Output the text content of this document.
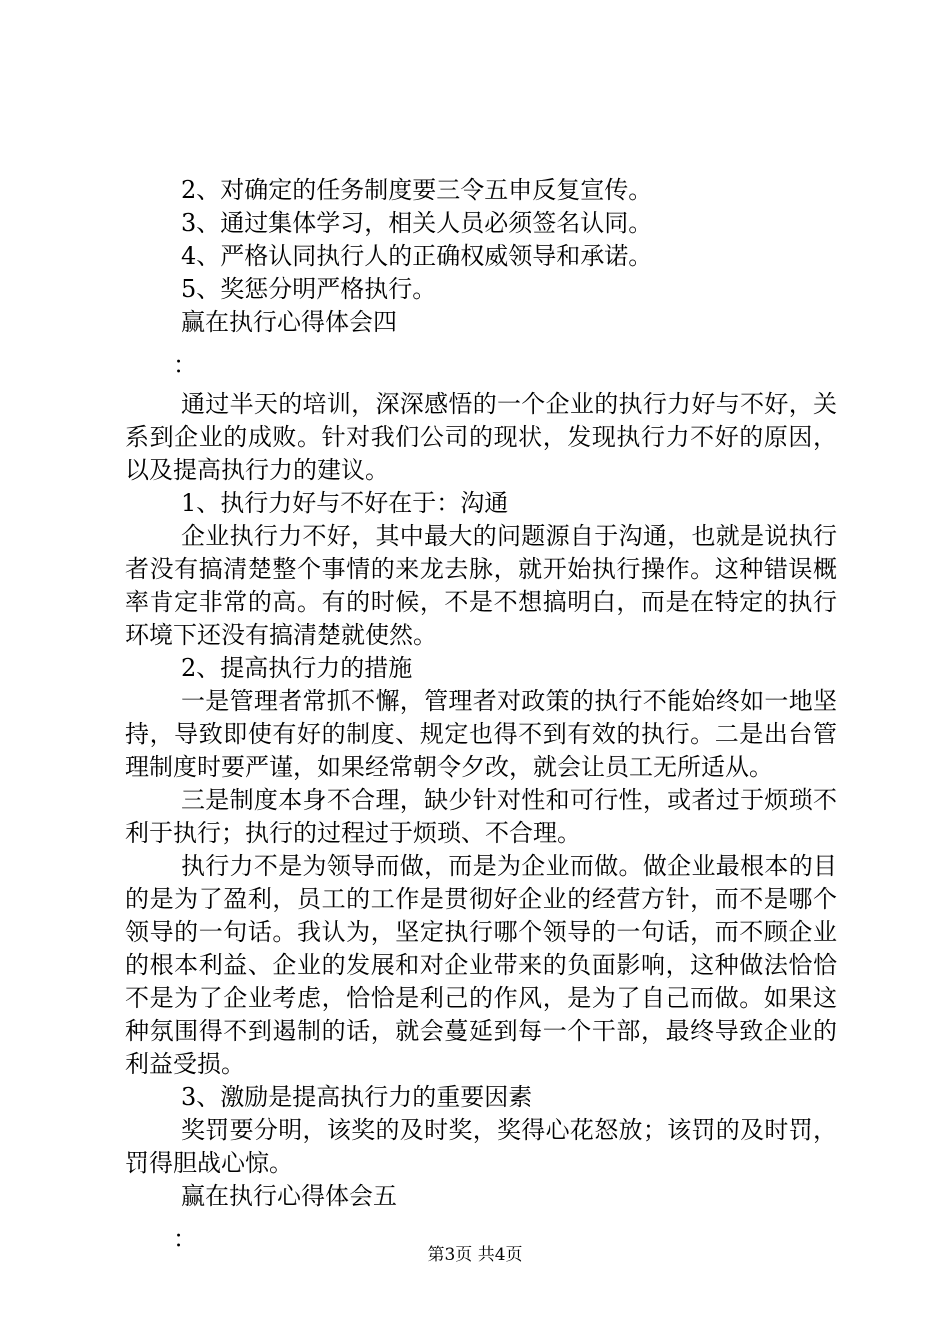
2、对确定的任务制度要三令五申反复宣传。
3、通过集体学习，相关人员必须签名认同。
4、严格认同执行人的正确权威领导和承诺。
5、奖惩分明严格执行。
赢在执行心得体会四
：

通过半天的培训，深深感悟的一个企业的执行力好与不好，关系到企业的成败。针对我们公司的现状，发现执行力不好的原因，以及提高执行力的建议。

1、执行力好与不好在于：沟通

企业执行力不好，其中最大的问题源自于沟通，也就是说执行者没有搞清楚整个事情的来龙去脉，就开始执行操作。这种错误概率肯定非常的高。有的时候，不是不想搞明白，而是在特定的执行环境下还没有搞清楚就使然。

2、提高执行力的措施

一是管理者常抓不懈，管理者对政策的执行不能始终如一地坚持，导致即使有好的制度、规定也得不到有效的执行。二是出台管理制度时要严谨，如果经常朝令夕改，就会让员工无所适从。

三是制度本身不合理，缺少针对性和可行性，或者过于烦琐不利于执行；执行的过程过于烦琐、不合理。

执行力不是为领导而做，而是为企业而做。做企业最根本的目的是为了盈利，员工的工作是贯彻好企业的经营方针，而不是哪个领导的一句话。我认为，坚定执行哪个领导的一句话，而不顾企业的根本利益、企业的发展和对企业带来的负面影响，这种做法恰恰不是为了企业考虑，恰恰是利己的作风，是为了自己而做。如果这种氛围得不到遏制的话，就会蔓延到每一个干部，最终导致企业的利益受损。

3、激励是提高执行力的重要因素

奖罚要分明，该奖的及时奖，奖得心花怒放；该罚的及时罚，罚得胆战心惊。

赢在执行心得体会五
：
第3页 共4页
